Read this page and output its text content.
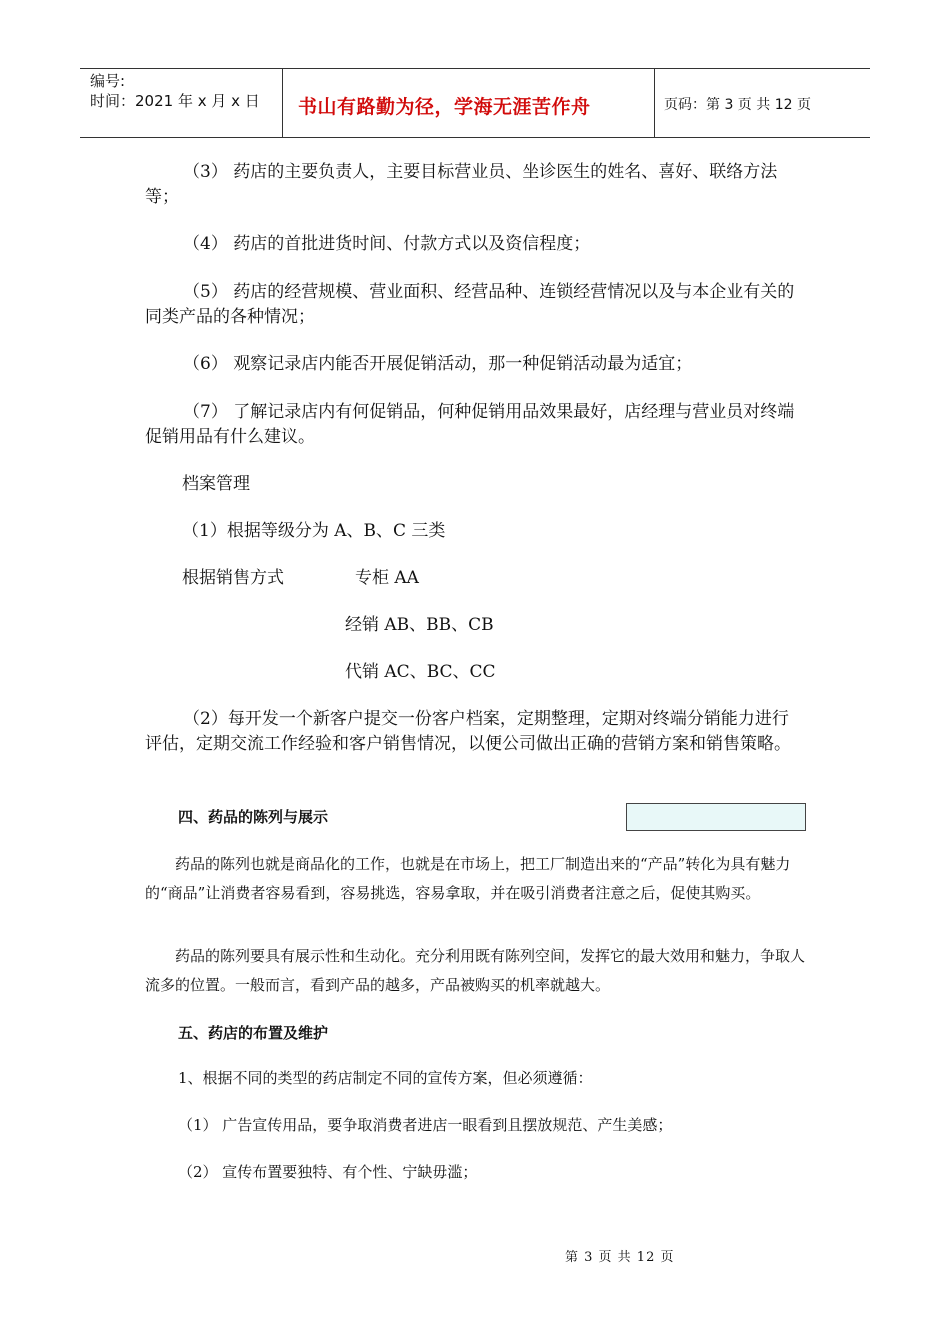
编号:
时间：2021 年 x 月 x 日 书山有路勤为径，学海无涯苦作舟	页码：第 3 页 共 12 页
（3） 药店的主要负责人，主要目标营业员、坐诊医生的姓名、喜好、联络方法等；
（4） 药店的首批进货时间、付款方式以及资信程度；
（5） 药店的经营规模、营业面积、经营品种、连锁经营情况以及与本企业有关的同类产品的各种情况；
（6） 观察记录店内能否开展促销活动，那一种促销活动最为适宜；
（7） 了解记录店内有何促销品，何种促销用品效果最好，店经理与营业员对终端促销用品有什么建议。
档案管理
（1）根据等级分为 A、B、C 三类
根据销售方式	专柜 AA
经销 AB、BB、CB
代销 AC、BC、CC
（2）每开发一个新客户提交一份客户档案，定期整理，定期对终端分销能力进行评估，定期交流工作经验和客户销售情况，以便公司做出正确的营销方案和销售策略。
四、药品的陈列与展示
药品的陈列也就是商品化的工作，也就是在市场上，把工厂制造出来的“产品”转化为具有魅力的“商品”让消费者容易看到，容易挑选，容易拿取，并在吸引消费者注意之后，促使其购买。
药品的陈列要具有展示性和生动化。充分利用既有陈列空间，发挥它的最大效用和魅力，争取人流多的位置。一般而言，看到产品的越多，产品被购买的机率就越大。
五、药店的布置及维护
1、根据不同的类型的药店制定不同的宣传方案，但必须遵循：
（1） 广告宣传用品，要争取消费者进店一眼看到且摆放规范、产生美感；
（2） 宣传布置要独特、有个性、宁缺毋滥；
第 3 页 共 12 页
